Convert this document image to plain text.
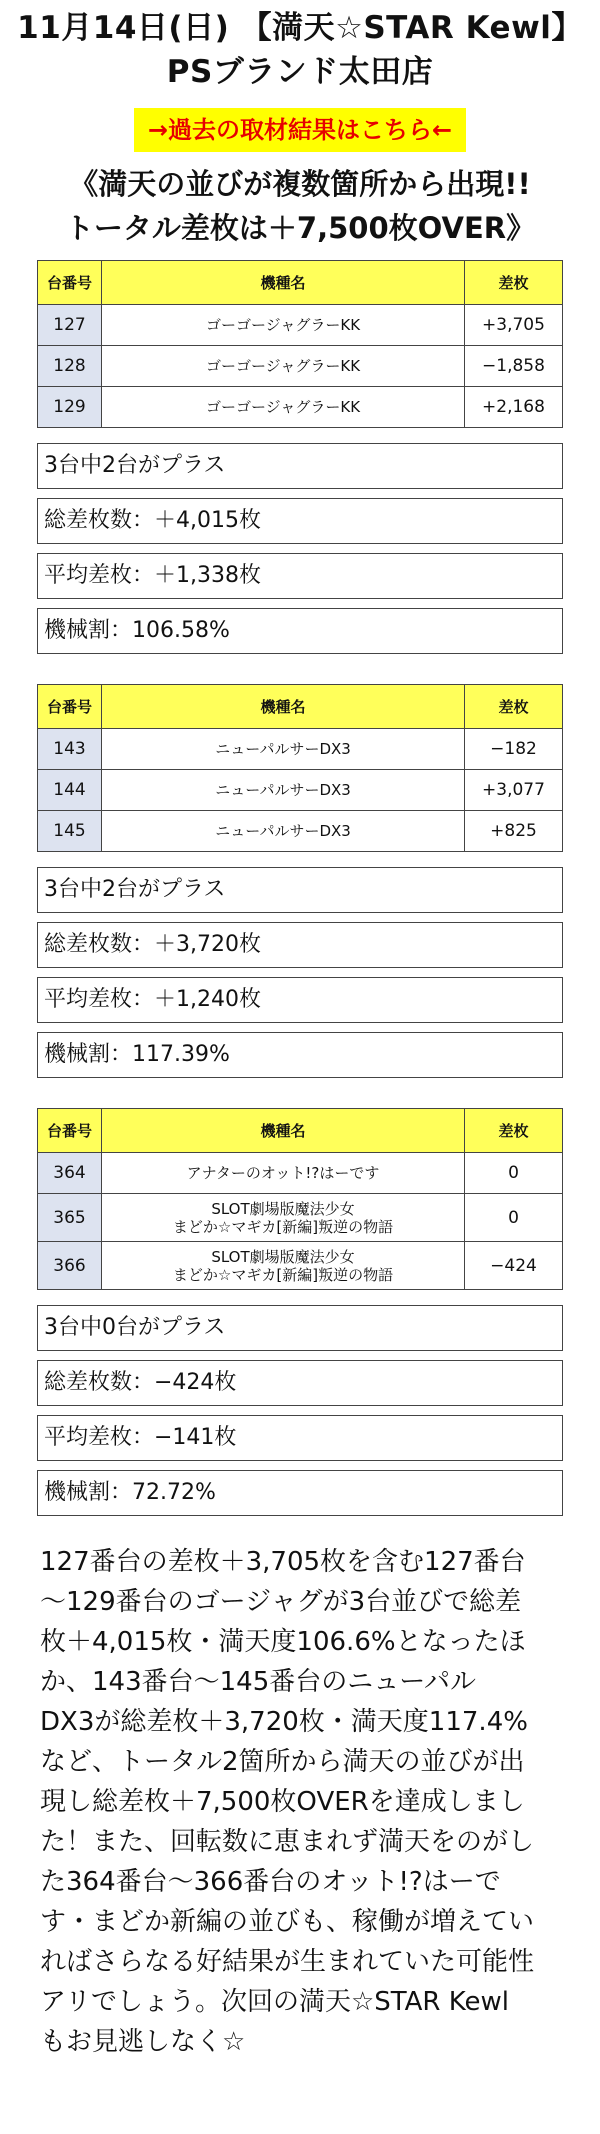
11月14日(日) 【満天☆STAR Kewl】
PSブランド太田店
→過去の取材結果はこちら←
《満天の並びが複数箇所から出現!!
トータル差枚は＋7,500枚OVER》
台番号	機種名	差枚
127	ゴーゴージャグラーKK	+3,705
128	ゴーゴージャグラーKK	−1,858
129	ゴーゴージャグラーKK	+2,168
3台中2台がプラス
総差枚数：＋4,015枚
平均差枚：＋1,338枚
機械割：106.58%
台番号	機種名	差枚
143	ニューパルサーDX3	−182
144	ニューパルサーDX3	+3,077
145	ニューパルサーDX3	+825
3台中2台がプラス
総差枚数：＋3,720枚
平均差枚：＋1,240枚
機械割：117.39%
台番号	機種名	差枚
364	アナターのオット!?はーです	0
365	SLOT劇場版魔法少女
まどか☆マギカ[新編]叛逆の物語	0
366	SLOT劇場版魔法少女
まどか☆マギカ[新編]叛逆の物語	−424
3台中0台がプラス
総差枚数：−424枚
平均差枚：−141枚
機械割：72.72%
127番台の差枚＋3,705枚を含む127番台
〜129番台のゴージャグが3台並びで総差
枚＋4,015枚・満天度106.6%となったほ
か、143番台〜145番台のニューパル
DX3が総差枚＋3,720枚・満天度117.4%
など、トータル2箇所から満天の並びが出
現し総差枚＋7,500枚OVERを達成しまし
た！また、回転数に恵まれず満天をのがし
た364番台〜366番台のオット!?はーで
す・まどか新編の並びも、稼働が増えてい
ればさらなる好結果が生まれていた可能性
アリでしょう。次回の満天☆STAR Kewl
もお見逃しなく☆
